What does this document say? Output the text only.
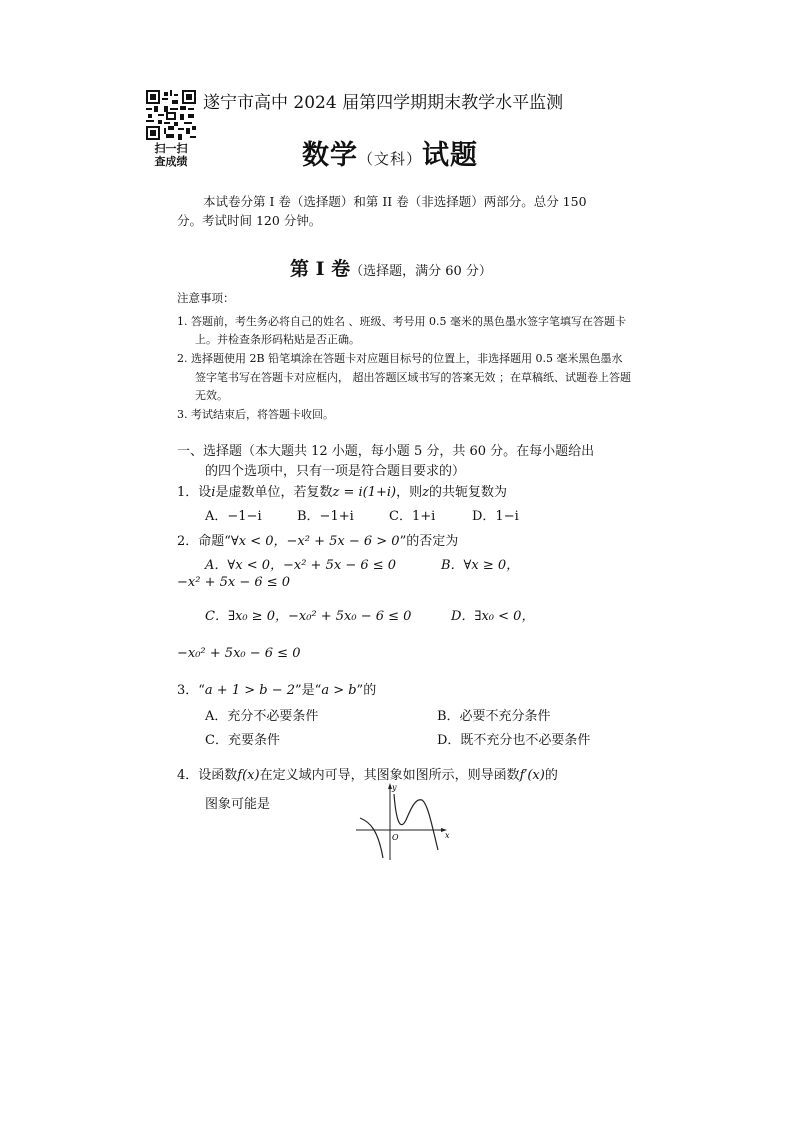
扫一扫
查成绩
遂宁市高中 2024 届第四学期期末教学水平监测
数学（文科）试题
本试卷分第 I 卷（选择题）和第 II 卷（非选择题）两部分。总分 150
分。考试时间 120 分钟。
第 Ⅰ 卷（选择题，满分 60 分）
注意事项：
1. 答题前，考生务必将自己的姓名 、班级、考号用 0.5 毫米的黑色墨水签字笔填写在答题卡
上。并检查条形码粘贴是否正确。
2. 选择题使用 2B 铅笔填涂在答题卡对应题目标号的位置上，非选择题用 0.5 毫米黑色墨水
签字笔书写在答题卡对应框内， 超出答题区域书写的答案无效 ；在草稿纸、试题卷上答题
无效。
3. 考试结束后，将答题卡收回。
一、选择题（本大题共 12 小题，每小题 5 分，共 60 分。在每小题给出
的四个选项中，只有一项是符合题目要求的）
1．设i是虚数单位，若复数z = i(1+i)，则z的共轭复数为
A．−1−i	B．−1+i	C．1+i	D．1−i
2．命题“∀x < 0，−x² + 5x − 6 > 0”的否定为
A．∀x < 0，−x² + 5x − 6 ≤ 0	B．∀x ≥ 0，
−x² + 5x − 6 ≤ 0
C．∃x₀ ≥ 0，−x₀² + 5x₀ − 6 ≤ 0	D．∃x₀ < 0，
−x₀² + 5x₀ − 6 ≤ 0
3．“a + 1 > b − 2”是“a > b”的
A．充分不必要条件	B．必要不充分条件
C．充要条件	D．既不充分也不必要条件
4．设函数f(x)在定义域内可导，其图象如图所示，则导函数f′(x)的
图象可能是
y
x
O
